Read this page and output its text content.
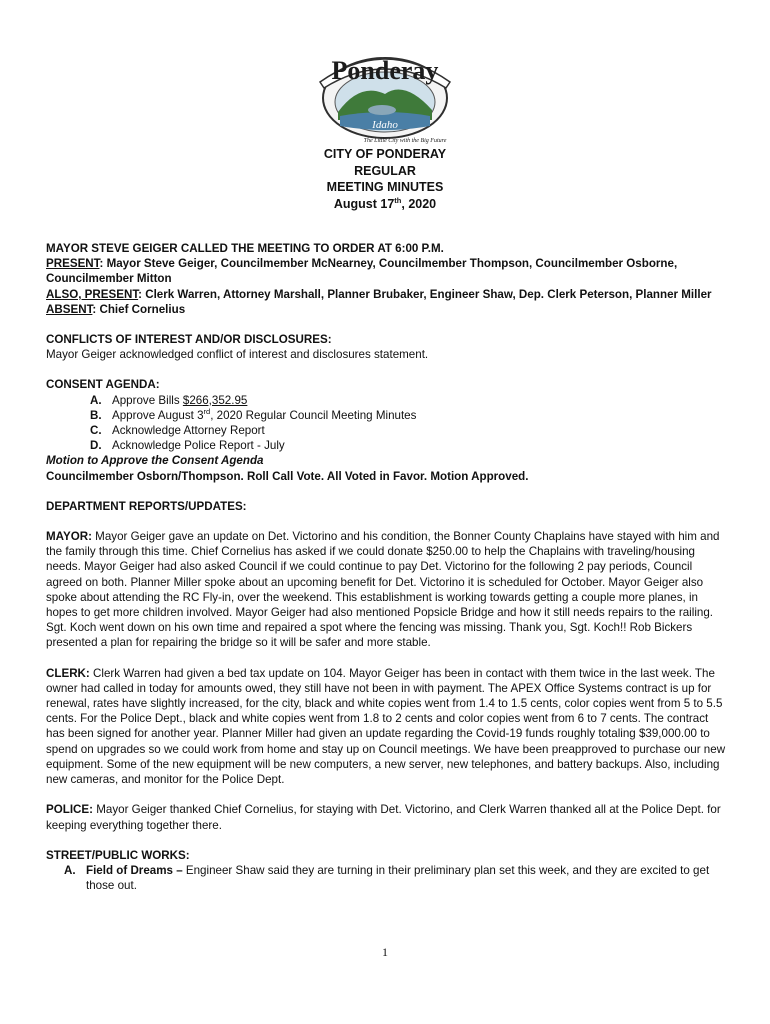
Ponderay
Idaho
The Little City with the Big Future
CITY OF PONDERAY
REGULAR
MEETING MINUTES
August 17th, 2020

MAYOR STEVE GEIGER CALLED THE MEETING TO ORDER AT 6:00 P.M.

PRESENT: Mayor Steve Geiger, Councilmember McNearney, Councilmember Thompson, Councilmember Osborne, Councilmember Mitton

ALSO, PRESENT: Clerk Warren, Attorney Marshall, Planner Brubaker, Engineer Shaw, Dep. Clerk Peterson, Planner Miller

ABSENT: Chief Cornelius

CONFLICTS OF INTEREST AND/OR DISCLOSURES:

Mayor Geiger acknowledged conflict of interest and disclosures statement.

CONSENT AGENDA:

A. Approve Bills $266,352.95
B. Approve August 3rd, 2020 Regular Council Meeting Minutes
C. Acknowledge Attorney Report
D. Acknowledge Police Report - July

Motion to Approve the Consent Agenda

Councilmember Osborn/Thompson. Roll Call Vote. All Voted in Favor. Motion Approved.

DEPARTMENT REPORTS/UPDATES:

MAYOR: Mayor Geiger gave an update on Det. Victorino and his condition, the Bonner County Chaplains have stayed with him and the family through this time. Chief Cornelius has asked if we could donate $250.00 to help the Chaplains with traveling/housing needs. Mayor Geiger had also asked Council if we could continue to pay Det. Victorino for the following 2 pay periods, Council agreed on both. Planner Miller spoke about an upcoming benefit for Det. Victorino it is scheduled for October. Mayor Geiger also spoke about attending the RC Fly-in, over the weekend. This establishment is working towards getting a couple more planes, in hopes to get more children involved. Mayor Geiger had also mentioned Popsicle Bridge and how it still needs repairs to the railing. Sgt. Koch went down on his own time and repaired a spot where the fencing was missing. Thank you, Sgt. Koch!! Rob Bickers presented a plan for repairing the bridge so it will be safer and more stable.

CLERK: Clerk Warren had given a bed tax update on 104. Mayor Geiger has been in contact with them twice in the last week. The owner had called in today for amounts owed, they still have not been in with payment. The APEX Office Systems contract is up for renewal, rates have slightly increased, for the city, black and white copies went from 1.4 to 1.5 cents, color copies went from 5 to 5.5 cents. For the Police Dept., black and white copies went from 1.8 to 2 cents and color copies went from 6 to 7 cents. The contract has been signed for another year. Planner Miller had given an update regarding the Covid-19 funds roughly totaling $39,000.00 to spend on upgrades so we could work from home and stay up on Council meetings. We have been preapproved to purchase our new equipment. Some of the new equipment will be new computers, a new server, new telephones, and battery backups. Also, including new cameras, and monitor for the Police Dept.

POLICE: Mayor Geiger thanked Chief Cornelius, for staying with Det. Victorino, and Clerk Warren thanked all at the Police Dept. for keeping everything together there.

STREET/PUBLIC WORKS:

A. Field of Dreams – Engineer Shaw said they are turning in their preliminary plan set this week, and they are excited to get those out.
1
